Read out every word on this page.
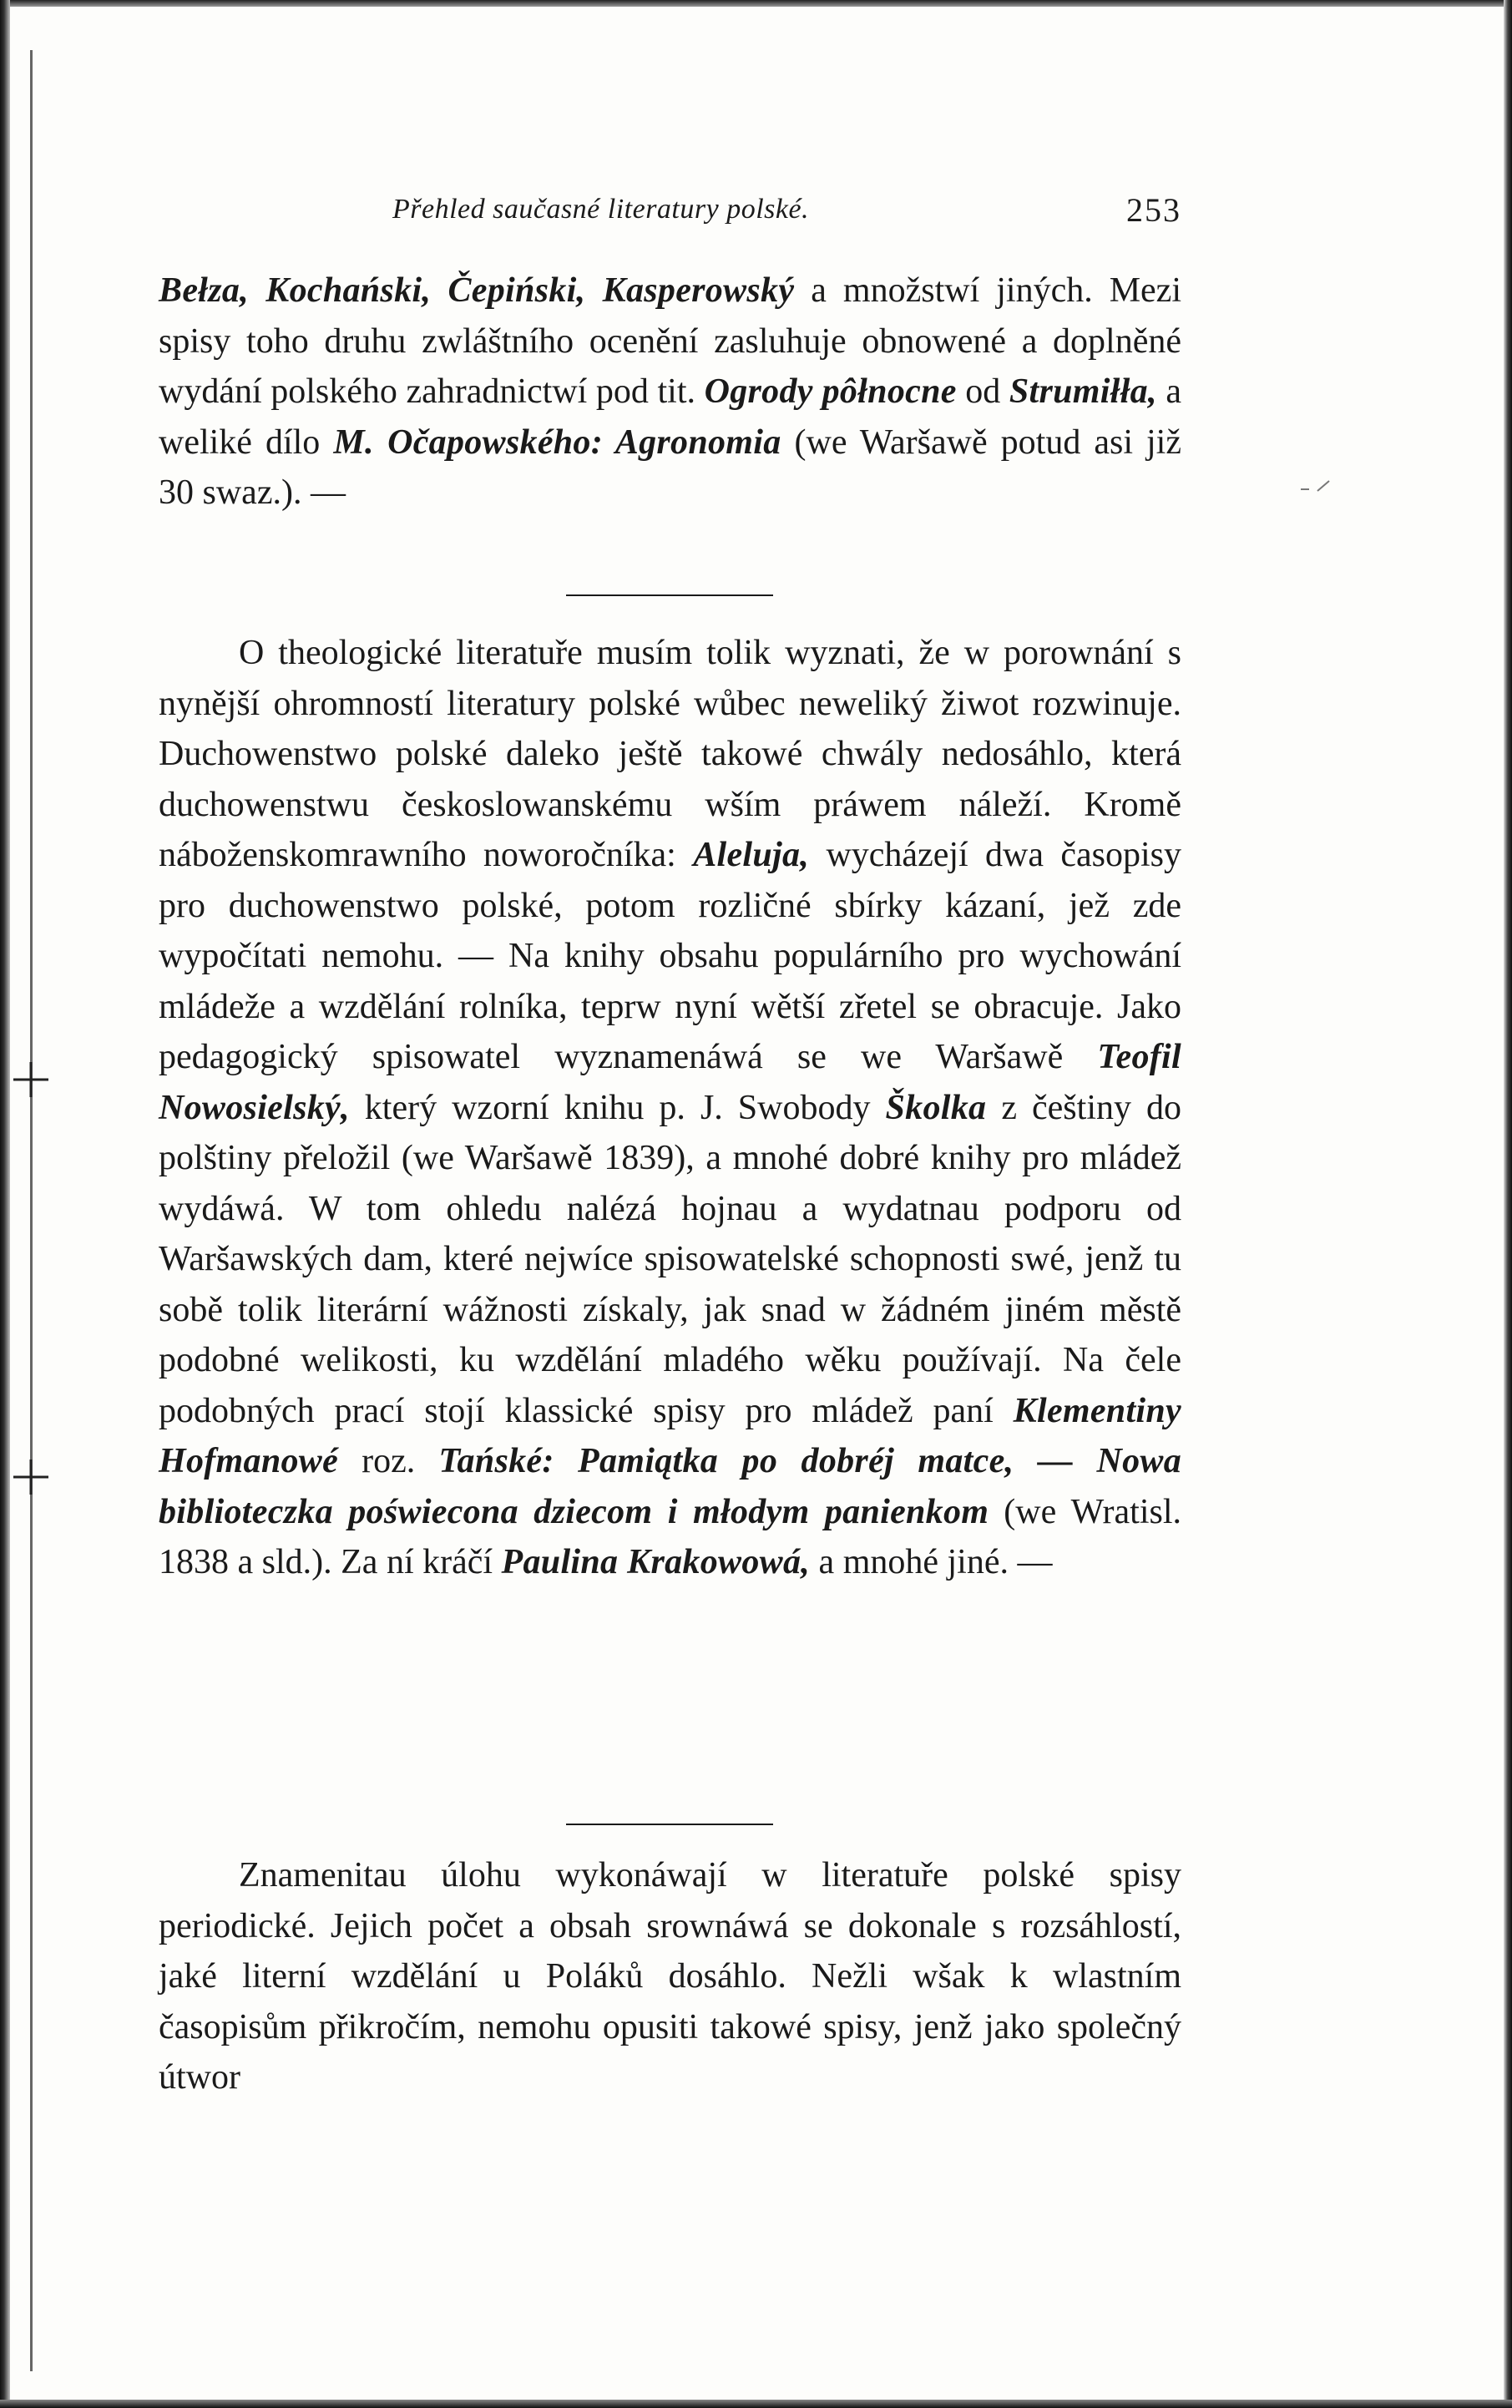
Přehled saučasné literatury polské.	253

Bełza, Kochański, Čepiński, Kasperowský a množstwí jiných. Mezi spisy toho druhu zwláštního ocenění zasluhuje obnowené a doplněné wydání polského zahradnictwí pod tit. Ogrody pôłnocne od Strumiłła, a weliké dílo M. Očapowského: Agronomia (we Waršawě potud asi již 30 swaz.). —

O theologické literatuře musím tolik wyznati, že w porownání s nynější ohromností literatury polské wůbec neweliký žiwot rozwinuje. Duchowenstwo polské daleko ještě takowé chwály nedosáhlo, která duchowenstwu českoslowanskému wším práwem náleží. Kromě náboženskomrawního noworočníka: Aleluja, wycházejí dwa časopisy pro duchowenstwo polské, potom rozličné sbírky kázaní, jež zde wypočítati nemohu. — Na knihy obsahu populárního pro wychowání mládeže a wzdělání rolníka, teprw nyní wětší zřetel se obracuje. Jako pedagogický spisowatel wyznamenáwá se we Waršawě Teofil Nowosielský, který wzorní knihu p. J. Swobody Školka z češtiny do polštiny přeložil (we Waršawě 1839), a mnohé dobré knihy pro mládež wydáwá. W tom ohledu nalézá hojnau a wydatnau podporu od Waršawských dam, které nejwíce spisowatelské schopnosti swé, jenž tu sobě tolik literární wážnosti získaly, jak snad w žádném jiném městě podobné welikosti, ku wzdělání mladého wěku používají. Na čele podobných prací stojí klassické spisy pro mládež paní Klementiny Hofmanowé roz. Tańské: Pamiątka po dobréj matce, — Nowa biblioteczka poświecona dziecom i młodym panienkom (we Wratisl. 1838 a sld.). Za ní kráčí Paulina Krakowowá, a mnohé jiné. —

Znamenitau úlohu wykonáwají w literatuře polské spisy periodické. Jejich počet a obsah srownáwá se dokonale s rozsáhlostí, jaké literní wzdělání u Poláků dosáhlo. Nežli wšak k wlastním časopisům přikročím, nemohu opusiti takowé spisy, jenž jako společný útwor
